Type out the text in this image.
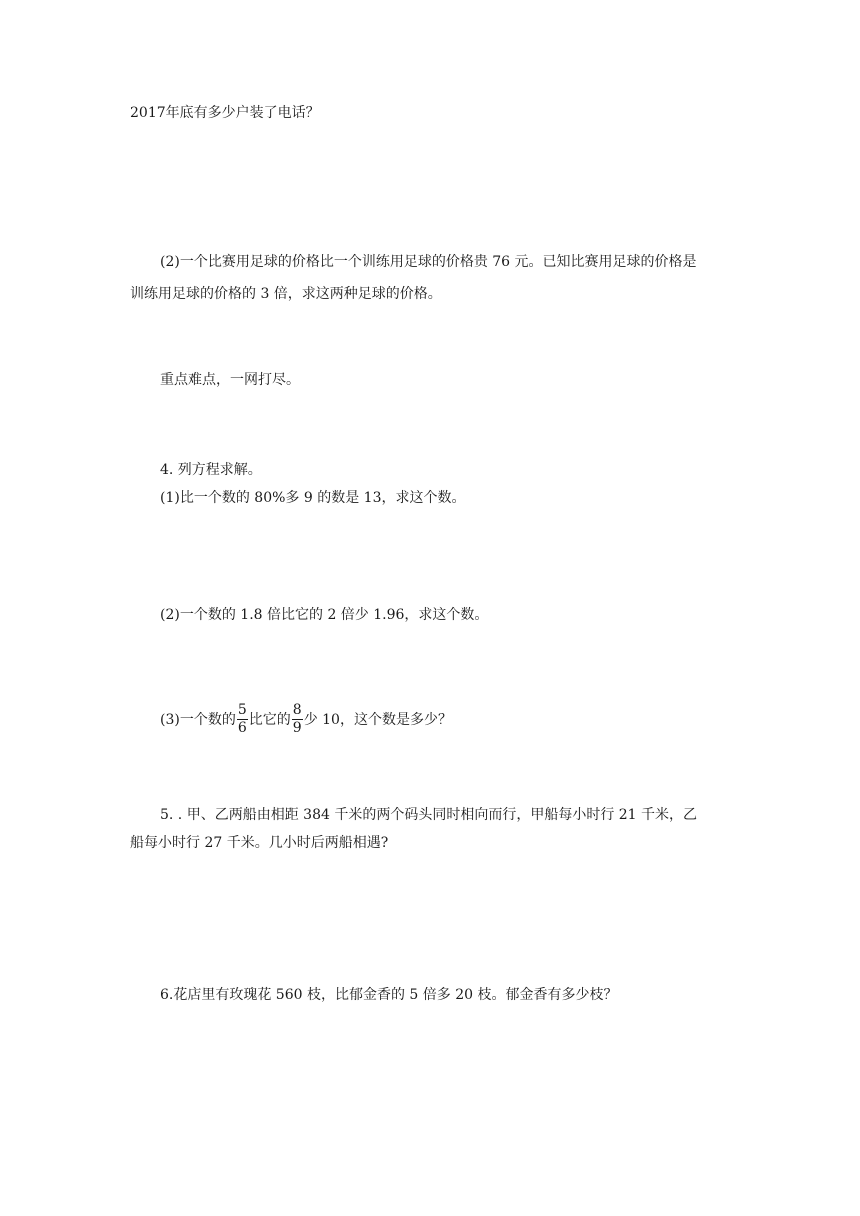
2017年底有多少户装了电话？
(2)一个比赛用足球的价格比一个训练用足球的价格贵 76 元。已知比赛用足球的价格是
训练用足球的价格的 3 倍，求这两种足球的价格。
重点难点，一网打尽。
4. 列方程求解。
(1)比一个数的 80%多 9 的数是 13，求这个数。
(2)一个数的 1.8 倍比它的 2 倍少 1.96，求这个数。
(3)一个数的 $\frac{5}{6}$ 比它的 $\frac{8}{9}$ 少 10，这个数是多少？
5. . 甲、乙两船由相距 384 千米的两个码头同时相向而行，甲船每小时行 21 千米，乙
船每小时行 27 千米。几小时后两船相遇?
6.花店里有玫瑰花 560 枝，比郁金香的 5 倍多 20 枝。郁金香有多少枝？
